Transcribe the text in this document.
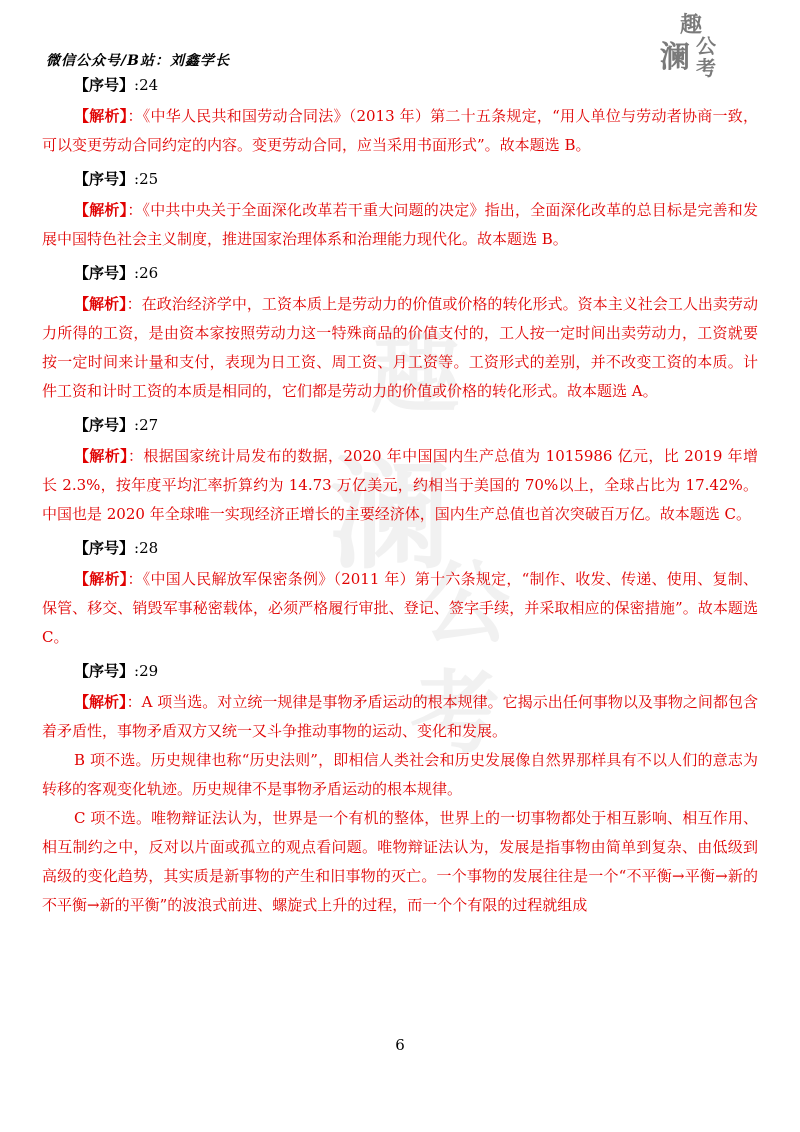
趣
澜
公
考
趣
澜 公
考
微信公众号/B站：刘鑫学长
【序号】:24

【解析】：《中华人民共和国劳动合同法》（2013 年）第二十五条规定，“用人单位与劳动者协商一致，可以变更劳动合同约定的内容。变更劳动合同，应当采用书面形式”。故本题选 B。

【序号】:25

【解析】：《中共中央关于全面深化改革若干重大问题的决定》指出，全面深化改革的总目标是完善和发展中国特色社会主义制度，推进国家治理体系和治理能力现代化。故本题选 B。

【序号】:26

【解析】：在政治经济学中，工资本质上是劳动力的价值或价格的转化形式。资本主义社会工人出卖劳动力所得的工资，是由资本家按照劳动力这一特殊商品的价值支付的，工人按一定时间出卖劳动力，工资就要按一定时间来计量和支付，表现为日工资、周工资、月工资等。工资形式的差别，并不改变工资的本质。计件工资和计时工资的本质是相同的，它们都是劳动力的价值或价格的转化形式。故本题选 A。

【序号】:27

【解析】：根据国家统计局发布的数据，2020 年中国国内生产总值为 1015986 亿元，比 2019 年增长 2.3%，按年度平均汇率折算约为 14.73 万亿美元，约相当于美国的 70%以上，全球占比为 17.42%。中国也是 2020 年全球唯一实现经济正增长的主要经济体，国内生产总值也首次突破百万亿。故本题选 C。

【序号】:28

【解析】：《中国人民解放军保密条例》（2011 年）第十六条规定，“制作、收发、传递、使用、复制、保管、移交、销毁军事秘密载体，必须严格履行审批、登记、签字手续，并采取相应的保密措施”。故本题选 C。

【序号】:29

【解析】：A 项当选。对立统一规律是事物矛盾运动的根本规律。它揭示出任何事物以及事物之间都包含着矛盾性，事物矛盾双方又统一又斗争推动事物的运动、变化和发展。

B 项不选。历史规律也称“历史法则”，即相信人类社会和历史发展像自然界那样具有不以人们的意志为转移的客观变化轨迹。历史规律不是事物矛盾运动的根本规律。

C 项不选。唯物辩证法认为，世界是一个有机的整体，世界上的一切事物都处于相互影响、相互作用、相互制约之中，反对以片面或孤立的观点看问题。唯物辩证法认为，发展是指事物由简单到复杂、由低级到高级的变化趋势，其实质是新事物的产生和旧事物的灭亡。一个事物的发展往往是一个“不平衡→平衡→新的不平衡→新的平衡”的波浪式前进、螺旋式上升的过程，而一个个有限的过程就组成

6
